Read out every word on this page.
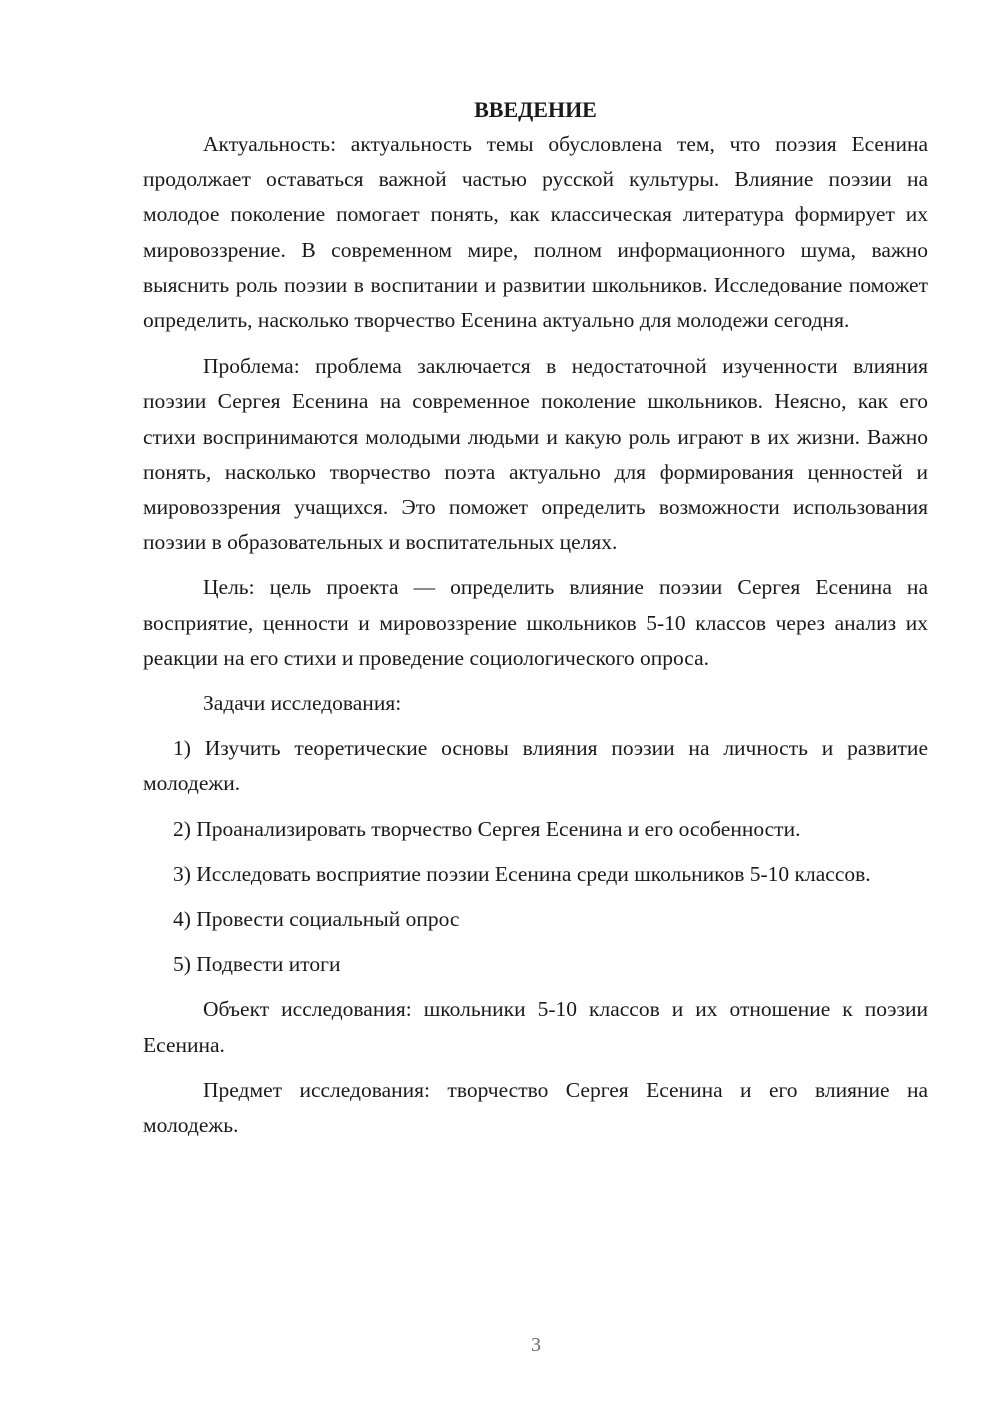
ВВЕДЕНИЕ

Актуальность: актуальность темы обусловлена тем, что поэзия Есенина продолжает оставаться важной частью русской культуры. Влияние поэзии на молодое поколение помогает понять, как классическая литература формирует их мировоззрение. В современном мире, полном информационного шума, важно выяснить роль поэзии в воспитании и развитии школьников. Исследование поможет определить, насколько творчество Есенина актуально для молодежи сегодня.

Проблема: проблема заключается в недостаточной изученности влияния поэзии Сергея Есенина на современное поколение школьников. Неясно, как его стихи воспринимаются молодыми людьми и какую роль играют в их жизни. Важно понять, насколько творчество поэта актуально для формирования ценностей и мировоззрения учащихся. Это поможет определить возможности использования поэзии в образовательных и воспитательных целях.

Цель: цель проекта — определить влияние поэзии Сергея Есенина на восприятие, ценности и мировоззрение школьников 5-10 классов через анализ их реакции на его стихи и проведение социологического опроса.

Задачи исследования:

1) Изучить теоретические основы влияния поэзии на личность и развитие молодежи.

2) Проанализировать творчество Сергея Есенина и его особенности.

3) Исследовать восприятие поэзии Есенина среди школьников 5-10 классов.

4) Провести социальный опрос

5) Подвести итоги

Объект исследования: школьники 5-10 классов и их отношение к поэзии Есенина.

Предмет исследования: творчество Сергея Есенина и его влияние на молодежь.

3
